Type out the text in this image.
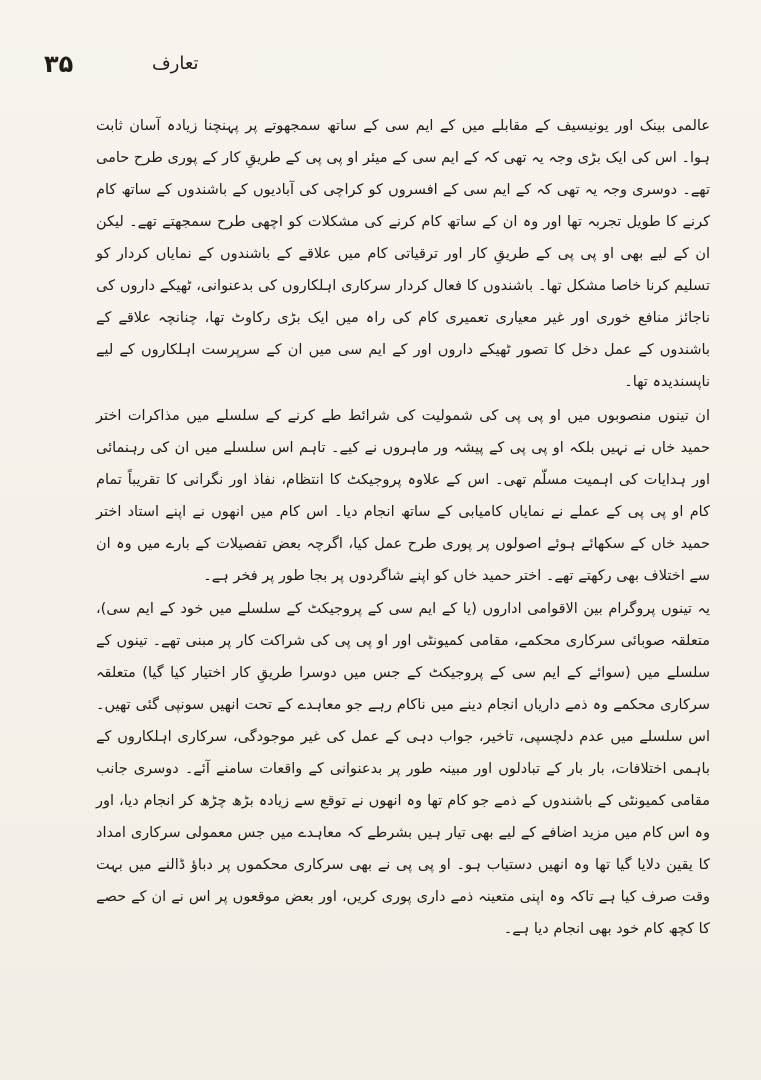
۳۵	تعارف

عالمی بینک اور یونیسیف کے مقابلے میں کے ایم سی کے ساتھ سمجھوتے پر پہنچنا زیادہ آسان ثابت ہوا۔ اس کی ایک بڑی وجہ یہ تھی کہ کے ایم سی کے میئر او پی پی کے طریقِ کار کے پوری طرح حامی تھے۔ دوسری وجہ یہ تھی کہ کے ایم سی کے افسروں کو کراچی کی آبادیوں کے باشندوں کے ساتھ کام کرنے کا طویل تجربہ تھا اور وہ ان کے ساتھ کام کرنے کی مشکلات کو اچھی طرح سمجھتے تھے۔ لیکن ان کے لیے بھی او پی پی کے طریقِ کار اور ترقیاتی کام میں علاقے کے باشندوں کے نمایاں کردار کو تسلیم کرنا خاصا مشکل تھا۔ باشندوں کا فعال کردار سرکاری اہلکاروں کی بدعنوانی، ٹھیکے داروں کی ناجائز منافع خوری اور غیر معیاری تعمیری کام کی راہ میں ایک بڑی رکاوٹ تھا، چنانچہ علاقے کے باشندوں کے عمل دخل کا تصور ٹھیکے داروں اور کے ایم سی میں ان کے سرپرست اہلکاروں کے لیے ناپسندیدہ تھا۔

ان تینوں منصوبوں میں او پی پی کی شمولیت کی شرائط طے کرنے کے سلسلے میں مذاکرات اختر حمید خاں نے نہیں بلکہ او پی پی کے پیشہ ور ماہروں نے کیے۔ تاہم اس سلسلے میں ان کی رہنمائی اور ہدایات کی اہمیت مسلّم تھی۔ اس کے علاوہ پروجیکٹ کا انتظام، نفاذ اور نگرانی کا تقریباً تمام کام او پی پی کے عملے نے نمایاں کامیابی کے ساتھ انجام دیا۔ اس کام میں انھوں نے اپنے استاد اختر حمید خاں کے سکھائے ہوئے اصولوں پر پوری طرح عمل کیا، اگرچہ بعض تفصیلات کے بارے میں وہ ان سے اختلاف بھی رکھتے تھے۔ اختر حمید خاں کو اپنے شاگردوں پر بجا طور پر فخر ہے۔

یہ تینوں پروگرام بین الاقوامی اداروں (یا کے ایم سی کے پروجیکٹ کے سلسلے میں خود کے ایم سی)، متعلقہ صوبائی سرکاری محکمے، مقامی کمیونٹی اور او پی پی کی شراکت کار پر مبنی تھے۔ تینوں کے سلسلے میں (سوائے کے ایم سی کے پروجیکٹ کے جس میں دوسرا طریقِ کار اختیار کیا گیا) متعلقہ سرکاری محکمے وہ ذمے داریاں انجام دینے میں ناکام رہے جو معاہدے کے تحت انھیں سونپی گئی تھیں۔ اس سلسلے میں عدم دلچسپی، تاخیر، جواب دہی کے عمل کی غیر موجودگی، سرکاری اہلکاروں کے باہمی اختلافات، بار بار کے تبادلوں اور مبینہ طور پر بدعنوانی کے واقعات سامنے آئے۔ دوسری جانب مقامی کمیونٹی کے باشندوں کے ذمے جو کام تھا وہ انھوں نے توقع سے زیادہ بڑھ چڑھ کر انجام دیا، اور وہ اس کام میں مزید اضافے کے لیے بھی تیار ہیں بشرطے کہ معاہدے میں جس معمولی سرکاری امداد کا یقین دلایا گیا تھا وہ انھیں دستیاب ہو۔ او پی پی نے بھی سرکاری محکموں پر دباؤ ڈالنے میں بہت وقت صرف کیا ہے تاکہ وہ اپنی متعینہ ذمے داری پوری کریں، اور بعض موقعوں پر اس نے ان کے حصے کا کچھ کام خود بھی انجام دیا ہے۔
